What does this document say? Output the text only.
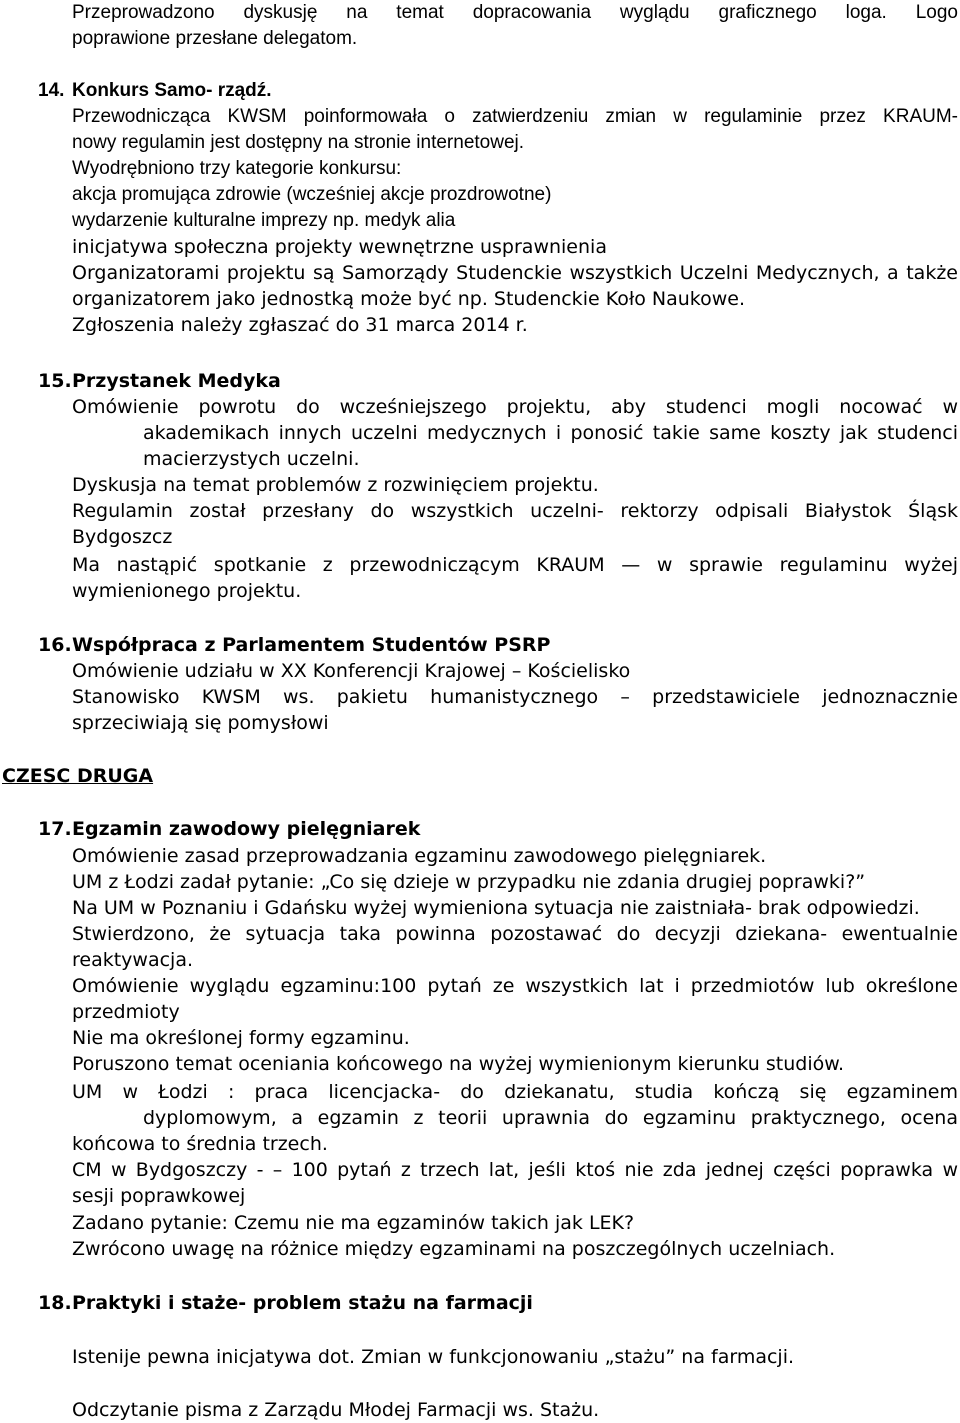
Przeprowadzono dyskusję na temat dopracowania wyglądu graficznego loga. Logo
poprawione przesłane delegatom.
14. Konkurs Samo- rządź.
Przewodnicząca KWSM poinformowała o zatwierdzeniu zmian w regulaminie przez KRAUM-
nowy regulamin jest dostępny na stronie internetowej.
Wyodrębniono trzy kategorie konkursu:
akcja promująca zdrowie (wcześniej akcje prozdrowotne)
wydarzenie kulturalne imprezy np. medyk alia
inicjatywa społeczna projekty wewnętrzne usprawnienia
Organizatorami projektu są Samorządy Studenckie wszystkich Uczelni Medycznych, a także
organizatorem jako jednostką może być np. Studenckie Koło Naukowe.
Zgłoszenia należy zgłaszać do 31 marca 2014 r.
15. Przystanek Medyka
Omówienie powrotu do wcześniejszego projektu, aby studenci mogli nocować w
akademikach innych uczelni medycznych i ponosić takie same koszty jak studenci
macierzystych uczelni.
Dyskusja na temat problemów z rozwinięciem projektu.
Regulamin został przesłany do wszystkich uczelni- rektorzy odpisali Białystok Śląsk
Bydgoszcz
Ma nastąpić spotkanie z przewodniczącym KRAUM — w sprawie regulaminu wyżej
wymienionego projektu.
16. Współpraca z Parlamentem Studentów PSRP
Omówienie udziału w XX Konferencji Krajowej – Kościelisko
Stanowisko KWSM ws. pakietu humanistycznego – przedstawiciele jednoznacznie
sprzeciwiają się pomysłowi
CZESC DRUGA
17. Egzamin zawodowy pielęgniarek
Omówienie zasad przeprowadzania egzaminu zawodowego pielęgniarek.
UM z Łodzi zadał pytanie: „Co się dzieje w przypadku nie zdania drugiej poprawki?”
Na UM w Poznaniu i Gdańsku wyżej wymieniona sytuacja nie zaistniała- brak odpowiedzi.
Stwierdzono, że sytuacja taka powinna pozostawać do decyzji dziekana- ewentualnie
reaktywacja.
Omówienie wyglądu egzaminu:100 pytań ze wszystkich lat i przedmiotów lub określone
przedmioty
Nie ma określonej formy egzaminu.
Poruszono temat oceniania końcowego na wyżej wymienionym kierunku studiów.
UM w Łodzi : praca licencjacka- do dziekanatu, studia kończą się egzaminem
dyplomowym, a egzamin z teorii uprawnia do egzaminu praktycznego, ocena
końcowa to średnia trzech.
CM w Bydgoszczy - – 100 pytań z trzech lat, jeśli ktoś nie zda jednej części poprawka w
sesji poprawkowej
Zadano pytanie: Czemu nie ma egzaminów takich jak LEK?
Zwrócono uwagę na różnice między egzaminami na poszczególnych uczelniach.
18. Praktyki i staże- problem stażu na farmacji
Istenije pewna inicjatywa dot. Zmian w funkcjonowaniu „stażu” na farmacji.
Odczytanie pisma z Zarządu Młodej Farmacji ws. Stażu.
